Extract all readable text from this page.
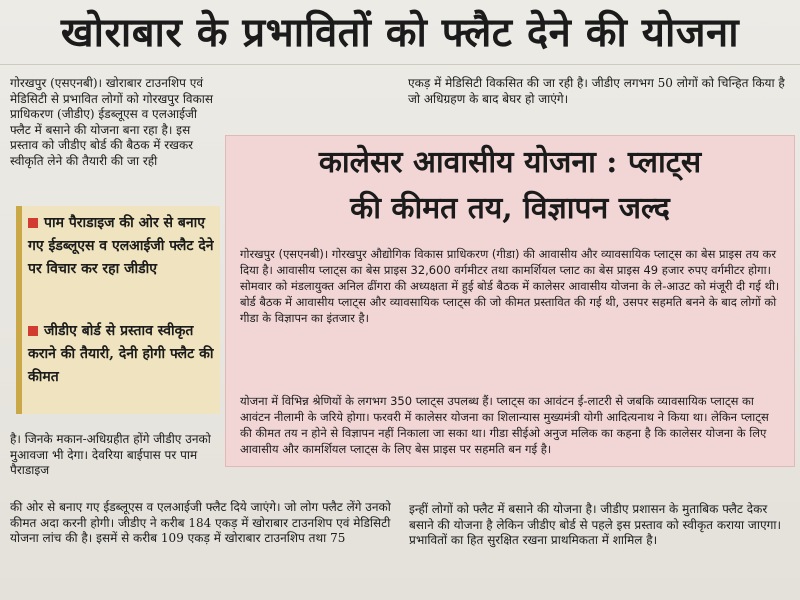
खोराबार के प्रभावितों को फ्लैट देने की योजना
गोरखपुर (एसएनबी)। खोराबार टाउनशिप एवं मेडिसिटी से प्रभावित लोगों को गोरखपुर विकास प्राधिकरण (जीडीए) ईडब्लूएस व एलआईजी फ्लैट में बसाने की योजना बना रहा है। इस प्रस्ताव को जीडीए बोर्ड की बैठक में रखकर स्वीकृति लेने की तैयारी की जा रही
एकड़ में मेडिसिटी विकसित की जा रही है। जीडीए लगभग 50 लोगों को चिन्हित किया है जो अधिग्रहण के बाद बेघर हो जाएंगे।
पाम पैराडाइज की ओर से बनाए गए ईडब्लूएस व एलआईजी फ्लैट देने पर विचार कर रहा जीडीए
जीडीए बोर्ड से प्रस्ताव स्वीकृत कराने की तैयारी, देनी होगी फ्लैट की कीमत
कालेसर आवासीय योजना : प्लाट्स
की कीमत तय, विज्ञापन जल्द
गोरखपुर (एसएनबी)। गोरखपुर औद्योगिक विकास प्राधिकरण (गीडा) की आवासीय और व्यावसायिक प्लाट्स का बेस प्राइस तय कर दिया है। आवासीय प्लाट्स का बेस प्राइस 32,600 वर्गमीटर तथा कामर्शियल प्लाट का बेस प्राइस 49 हजार रुपए वर्गमीटर होगा। सोमवार को मंडलायुक्त अनिल ढींगरा की अध्यक्षता में हुई बोर्ड बैठक में कालेसर आवासीय योजना के ले-आउट को मंजूरी दी गई थी। बोर्ड बैठक में आवासीय प्लाट्स और व्यावसायिक प्लाट्स की जो कीमत प्रस्तावित की गई थी, उसपर सहमति बनने के बाद लोगों को गीडा के विज्ञापन का इंतजार है।
योजना में विभिन्न श्रेणियों के लगभग 350 प्लाट्स उपलब्ध हैं। प्लाट्स का आवंटन ई-लाटरी से जबकि व्यावसायिक प्लाट्स का आवंटन नीलामी के जरिये होगा। फरवरी में कालेसर योजना का शिलान्यास मुख्यमंत्री योगी आदित्यनाथ ने किया था। लेकिन प्लाट्स की कीमत तय न होने से विज्ञापन नहीं निकाला जा सका था। गीडा सीईओ अनुज मलिक का कहना है कि कालेसर योजना के लिए आवासीय और कामर्शियल प्लाट्स के लिए बेस प्राइस पर सहमति बन गई है।
है। जिनके मकान-अधिग्रहीत होंगे जीडीए उनको मुआवजा भी देगा। देवरिया बाईपास पर पाम पैराडाइज
की ओर से बनाए गए ईडब्लूएस व एलआईजी फ्लैट दिये जाएंगे। जो लोग फ्लैट लेंगे उनको कीमत अदा करनी होगी। जीडीए ने करीब 184 एकड़ में खोराबार टाउनशिप एवं मेडिसिटी योजना लांच की है। इसमें से करीब 109 एकड़ में खोराबार टाउनशिप तथा 75
इन्हीं लोगों को फ्लैट में बसाने की योजना है। जीडीए प्रशासन के मुताबिक फ्लैट देकर बसाने की योजना है लेकिन जीडीए बोर्ड से पहले इस प्रस्ताव को स्वीकृत कराया जाएगा। प्रभावितों का हित सुरक्षित रखना प्राथमिकता में शामिल है।
